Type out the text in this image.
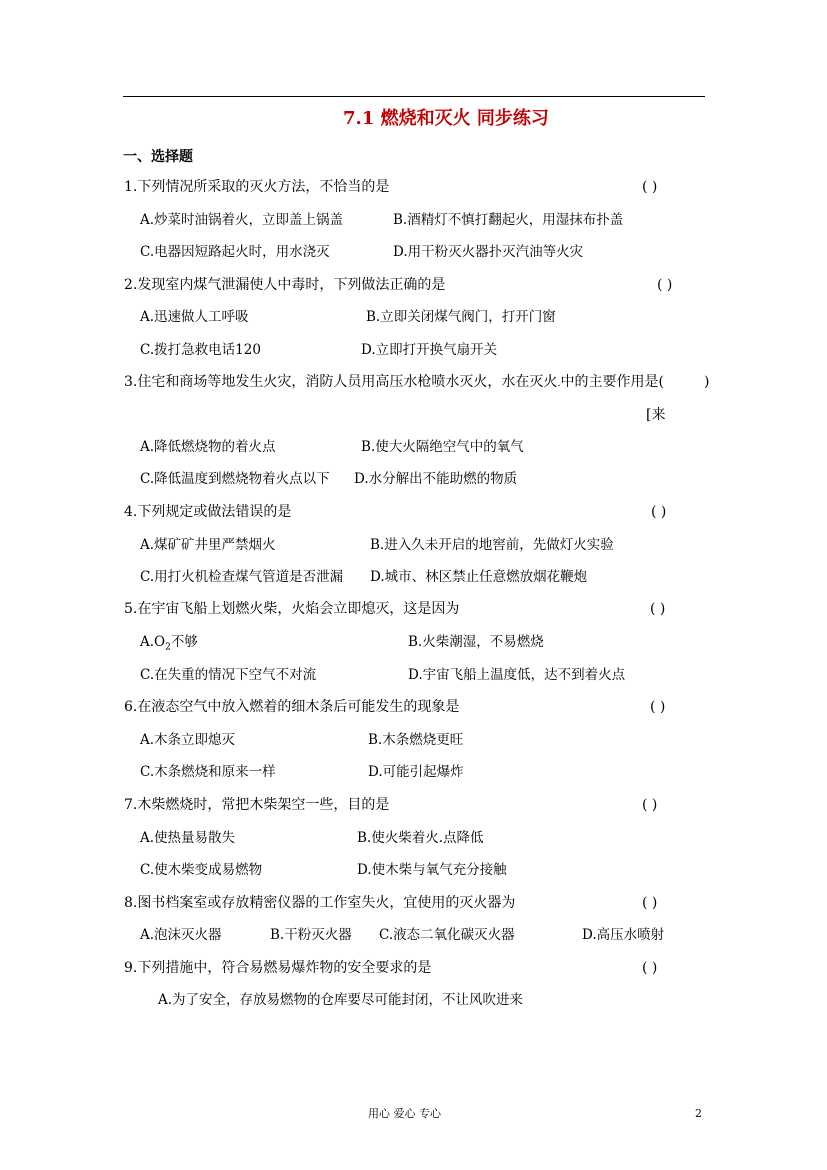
7.1 燃烧和灭火 同步练习
一、选择题
1.下列情况所采取的灭火方法，不恰当的是	( )
A.炒菜时油锅着火，立即盖上锅盖	B.酒精灯不慎打翻起火，用湿抹布扑盖
C.电器因短路起火时，用水浇灭	D.用干粉灭火器扑灭汽油等火灾
2.发现室内煤气泄漏使人中毒时，下列做法正确的是	( )
A.迅速做人工呼吸	B.立即关闭煤气阀门，打开门窗
C.拨打急救电话120	D.立即打开换气扇开关
3.住宅和商场等地发生火灾，消防人员用高压水枪喷水灭火，水在灭火.中的主要作用是(	)
[来
A.降低燃烧物的着火点	B.使大火隔绝空气中的氧气
C.降低温度到燃烧物着火点以下 D.水分解出不能助燃的物质
4.下列规定或做法错误的是	( )
A.煤矿矿井里严禁烟火	B.进入久未开启的地窖前，先做灯火实验
C.用打火机检查煤气管道是否泄漏 D.城市、林区禁止任意燃放烟花鞭炮
5.在宇宙飞船上划燃火柴，火焰会立即熄灭，这是因为	( )
$A.O_2$不够	B.火柴潮湿，不易燃烧
C.在失重的情况下空气不对流	D.宇宙飞船上温度低，达不到着火点
6.在液态空气中放入燃着的细木条后可能发生的现象是	( )
A.木条立即熄灭	B.木条燃烧更旺
C.木条燃烧和原来一样	D.可能引起爆炸
7.木柴燃烧时，常把木柴架空一些，目的是	( )
A.使热量易散失	B.使火柴着火.点降低
C.使木柴变成易燃物	D.使木柴与氧气充分接触
8.图书档案室或存放精密仪器的工作室失火，宜使用的灭火器为	( )
A.泡沫灭火器	B.干粉灭火器 C.液态二氧化碳灭火器	D.高压水喷射
9.下列措施中，符合易燃易爆炸物的安全要求的是	( )
A.为了安全，存放易燃物的仓库要尽可能封闭，不让风吹进来
用心 爱心 专心	2
